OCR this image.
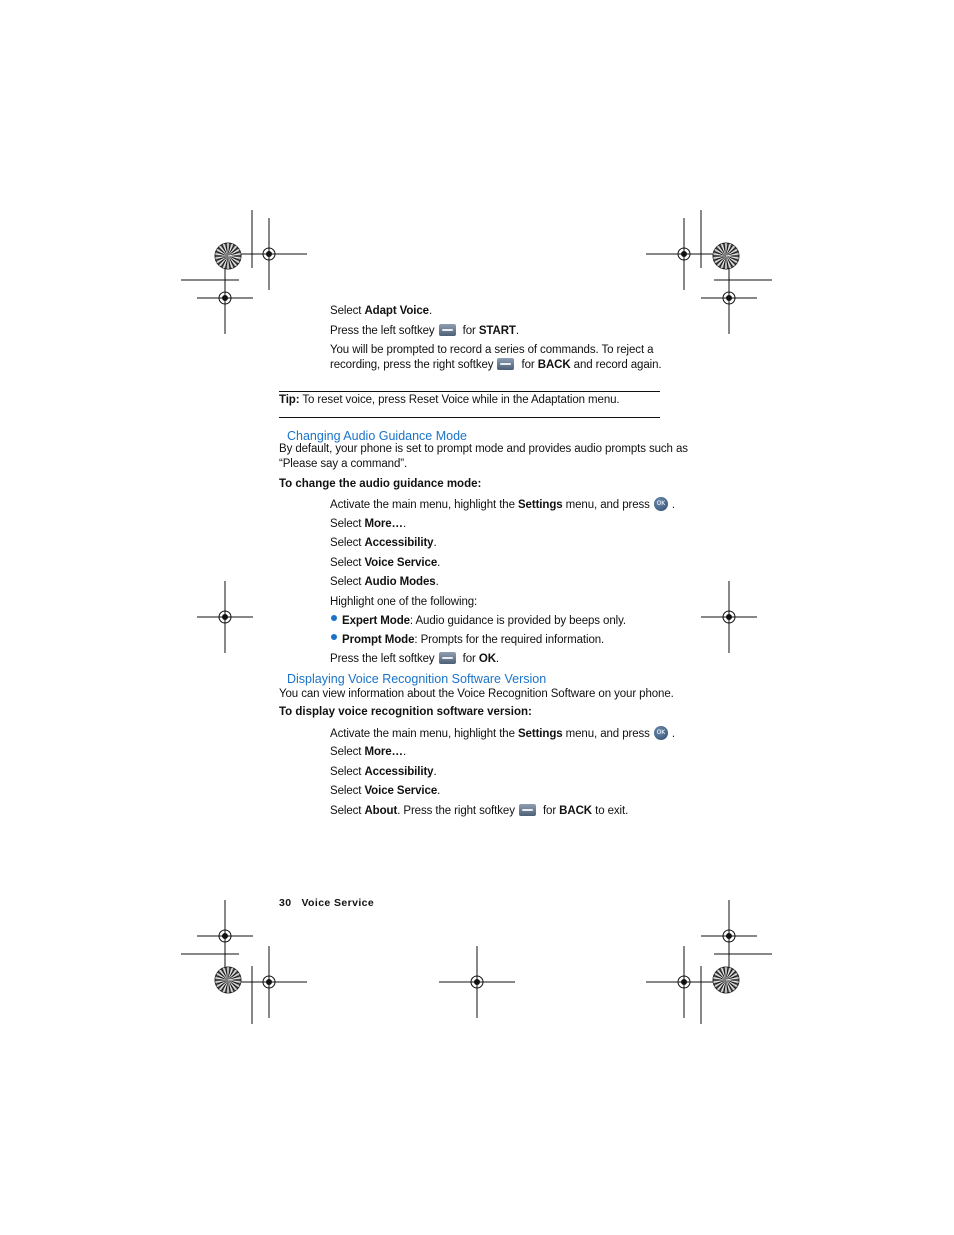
Select Adapt Voice.
Press the left softkey for START.
You will be prompted to record a series of commands. To reject a
recording, press the right softkey for BACK and record again.
Tip: To reset voice, press Reset Voice while in the Adaptation menu.
Changing Audio Guidance Mode
By default, your phone is set to prompt mode and provides audio prompts such as
“Please say a command”.
To change the audio guidance mode:
Activate the main menu, highlight the Settings menu, and press OK .
Select More….
Select Accessibility.
Select Voice Service.
Select Audio Modes.
Highlight one of the following:
Expert Mode: Audio guidance is provided by beeps only.
Prompt Mode: Prompts for the required information.
Press the left softkey for OK.
Displaying Voice Recognition Software Version
You can view information about the Voice Recognition Software on your phone.
To display voice recognition software version:
Activate the main menu, highlight the Settings menu, and press OK .
Select More….
Select Accessibility.
Select Voice Service.
Select About. Press the right softkey for BACK to exit.
30 Voice Service
